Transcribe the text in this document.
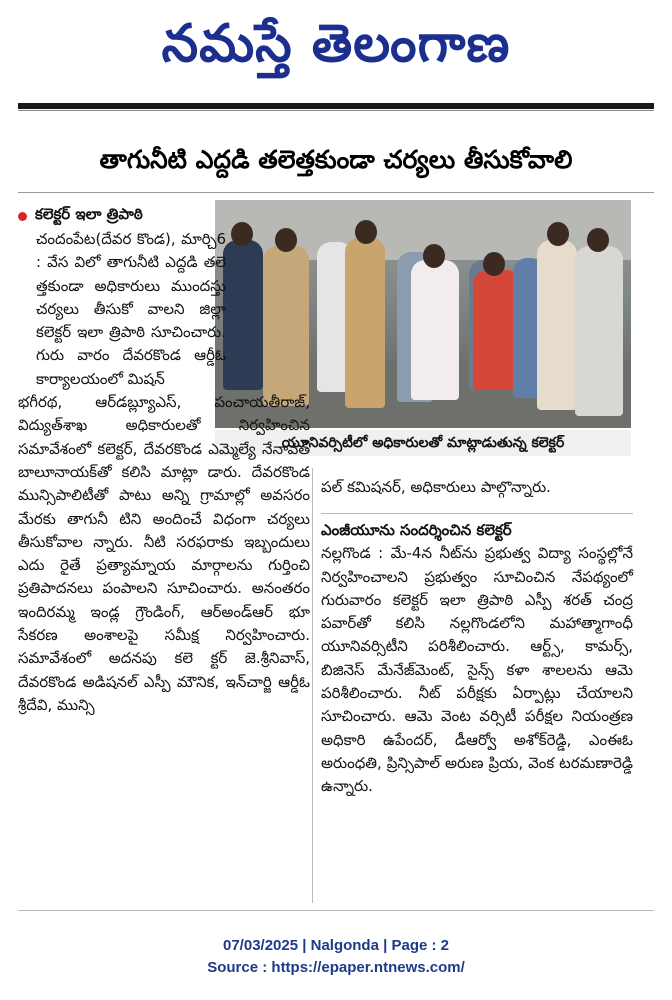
నమస్తే తెలంగాణ
తాగునీటి ఎద్దడి తలెత్తకుండా చర్యలు తీసుకోవాలి
యూనివర్సిటీలో అధికారులతో మాట్లాడుతున్న కలెక్టర్
కలెక్టర్ ఇలా త్రిపాఠి

చందంపేట(దేవర కొండ), మార్చి6 : వేస విలో తాగునీటి ఎద్దడి తలె త్తకుండా అధికారులు ముందస్తు చర్యలు తీసుకో వాలని జిల్లా కలెక్టర్ ఇలా త్రిపాఠి సూచించారు. గురు వారం దేవరకొండ ఆర్డీఓ కార్యాలయంలో మిషన్

భగీరథ, ఆర్‌డబ్ల్యూఎస్, పంచాయతీరాజ్, విద్యుత్‌శాఖ అధికారులతో నిర్వహించిన సమావేశంలో కలెక్టర్, దేవరకొండ ఎమ్మెల్యే నేనావత్ బాలూనాయక్‌తో కలిసి మాట్లా డారు. దేవరకొండ మున్సిపాలిటీతో పాటు అన్ని గ్రామాల్లో అవసరం మేరకు తాగునీ టిని అందించే విధంగా చర్యలు తీసుకోవాల న్నారు. నీటి సరఫరాకు ఇబ్బందులు ఎదు రైతే ప్రత్యామ్నాయ మార్గాలను గుర్తించి ప్రతిపాదనలు పంపాలని సూచించారు. అనంతరం ఇందిరమ్మ ఇండ్ల గ్రౌండింగ్, ఆర్‌అండ్‌ఆర్ భూ సేకరణ అంశాలపై సమీక్ష నిర్వహించారు. సమావేశంలో అదనపు కలె క్టర్ జె.శ్రీనివాస్, దేవరకొండ అడిషనల్ ఎస్పీ మౌనిక, ఇన్‌చార్జి ఆర్డీఓ శ్రీదేవి, మున్సి

పల్ కమిషనర్, అధికారులు పాల్గొన్నారు.

ఎంజీయూను సందర్శించిన కలెక్టర్

నల్లగొండ : మే-4న నీట్‌ను ప్రభుత్వ విద్యా సంస్థల్లోనే నిర్వహించాలని ప్రభుత్వం సూచించిన నేపథ్యంలో గురువారం కలెక్టర్ ఇలా త్రిపాఠి ఎస్పీ శరత్ చంద్ర పవార్‌తో కలిసి నల్లగొండలోని మహాత్మాగాంధీ యూనివర్సిటీని పరిశీలించారు. ఆర్ట్స్, కామర్స్, బిజినెస్ మేనేజ్‌మెంట్, సైన్స్ కళా శాలలను ఆమె పరిశీలించారు. నీట్ పరీక్షకు ఏర్పాట్లు చేయాలని సూచించారు. ఆమె వెంట వర్సిటీ పరీక్షల నియంత్రణ అధికారి ఉపేందర్, డీఆర్వో అశోక్‌రెడ్డి, ఎంఈఓ అరుంధతి, ప్రిన్సిపాల్ అరుణ ప్రియ, వెంక టరమణారెడ్డి ఉన్నారు.

07/03/2025 | Nalgonda | Page : 2
Source : https://epaper.ntnews.com/
